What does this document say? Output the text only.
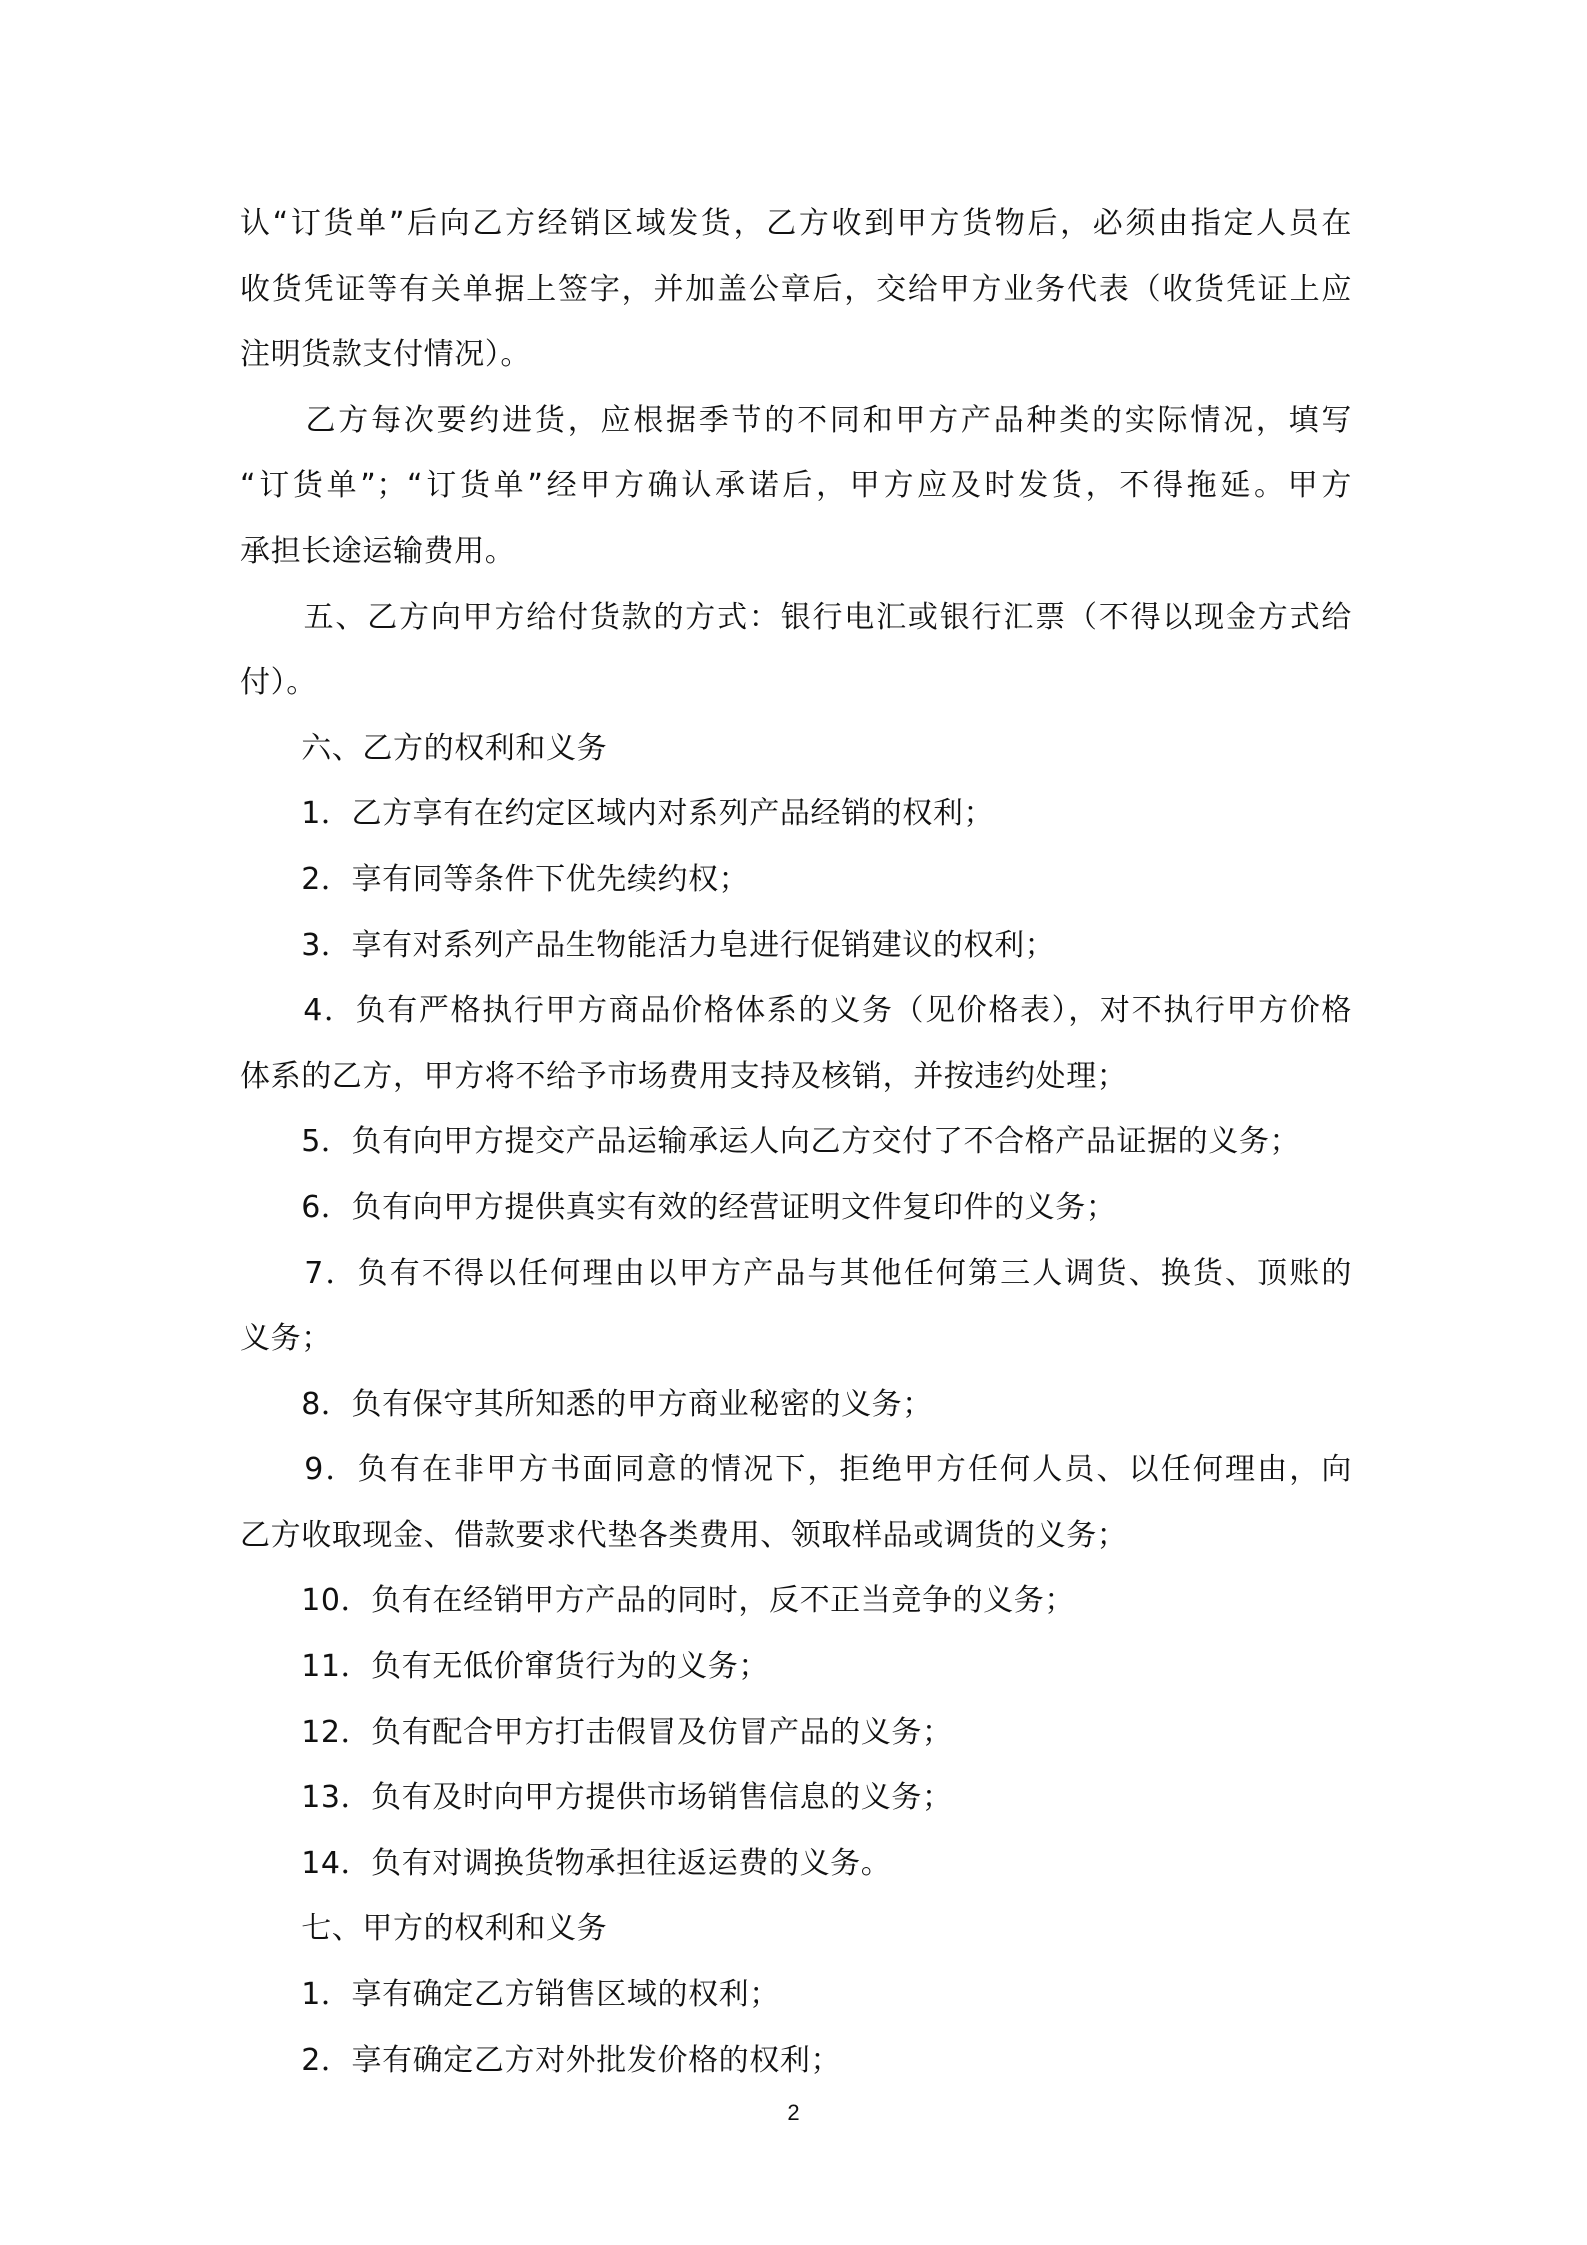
认“订货单”后向乙方经销区域发货，乙方收到甲方货物后，必须由指定人员在
收货凭证等有关单据上签字，并加盖公章后，交给甲方业务代表（收货凭证上应
注明货款支付情况）。
　　乙方每次要约进货，应根据季节的不同和甲方产品种类的实际情况，填写
“订货单”；“订货单”经甲方确认承诺后，甲方应及时发货，不得拖延。甲方
承担长途运输费用。
　　五、乙方向甲方给付货款的方式：银行电汇或银行汇票（不得以现金方式给
付）。
　　六、乙方的权利和义务
　　1．乙方享有在约定区域内对系列产品经销的权利；
　　2．享有同等条件下优先续约权；
　　3．享有对系列产品生物能活力皂进行促销建议的权利；
　　4．负有严格执行甲方商品价格体系的义务（见价格表），对不执行甲方价格
体系的乙方，甲方将不给予市场费用支持及核销，并按违约处理；
　　5．负有向甲方提交产品运输承运人向乙方交付了不合格产品证据的义务；
　　6．负有向甲方提供真实有效的经营证明文件复印件的义务；
　　7．负有不得以任何理由以甲方产品与其他任何第三人调货、换货、顶账的
义务；
　　8．负有保守其所知悉的甲方商业秘密的义务；
　　9．负有在非甲方书面同意的情况下，拒绝甲方任何人员、以任何理由，向
乙方收取现金、借款要求代垫各类费用、领取样品或调货的义务；
　　10．负有在经销甲方产品的同时，反不正当竞争的义务；
　　11．负有无低价窜货行为的义务；
　　12．负有配合甲方打击假冒及仿冒产品的义务；
　　13．负有及时向甲方提供市场销售信息的义务；
　　14．负有对调换货物承担往返运费的义务。
　　七、甲方的权利和义务
　　1．享有确定乙方销售区域的权利；
　　2．享有确定乙方对外批发价格的权利；
2
